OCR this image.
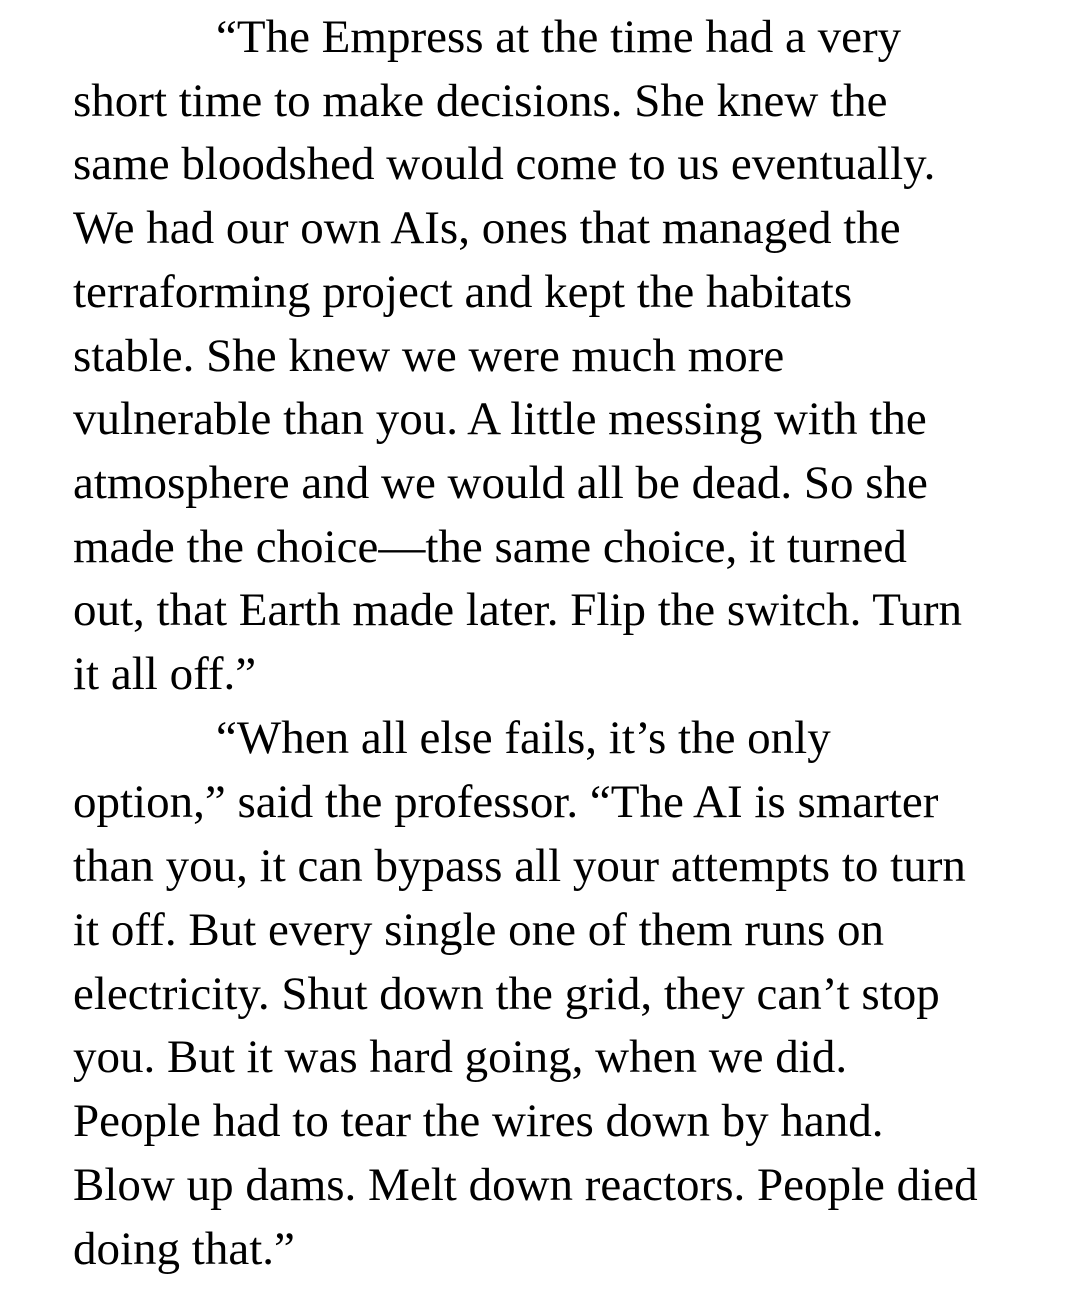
“The Empress at the time had a very
short time to make decisions. She knew the
same bloodshed would come to us eventually.
We had our own AIs, ones that managed the
terraforming project and kept the habitats
stable. She knew we were much more
vulnerable than you. A little messing with the
atmosphere and we would all be dead. So she
made the choice—the same choice, it turned
out, that Earth made later. Flip the switch. Turn
it all off.”
“When all else fails, it’s the only
option,” said the professor. “The AI is smarter
than you, it can bypass all your attempts to turn
it off. But every single one of them runs on
electricity. Shut down the grid, they can’t stop
you. But it was hard going, when we did.
People had to tear the wires down by hand.
Blow up dams. Melt down reactors. People died
doing that.”
